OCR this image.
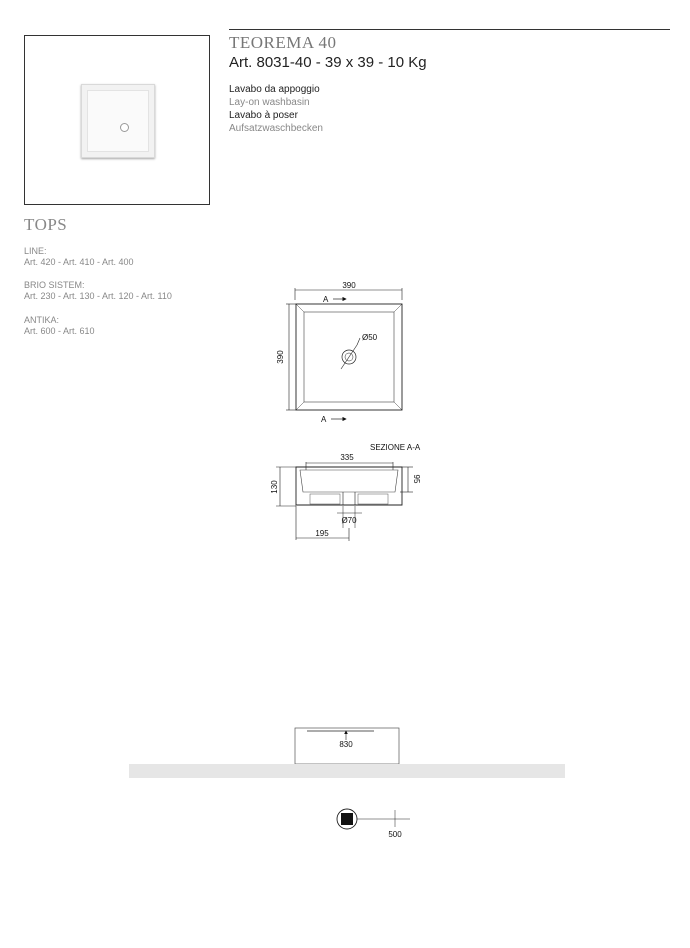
TEOREMA 40
Art. 8031-40 - 39 x 39 - 10 Kg
Lavabo da appoggio
Lay-on washbasin
Lavabo à poser
Aufsatzwaschbecken
TOPS
LINE:
Art. 420 - Art. 410 - Art. 400
BRIO SISTEM:
Art. 230 - Art. 130 - Art. 120 - Art. 110
ANTIKA:
Art. 600 - Art. 610
390
390
Ø50
A
A
SEZIONE A-A
335
130
95
Ø70
195
830
500
